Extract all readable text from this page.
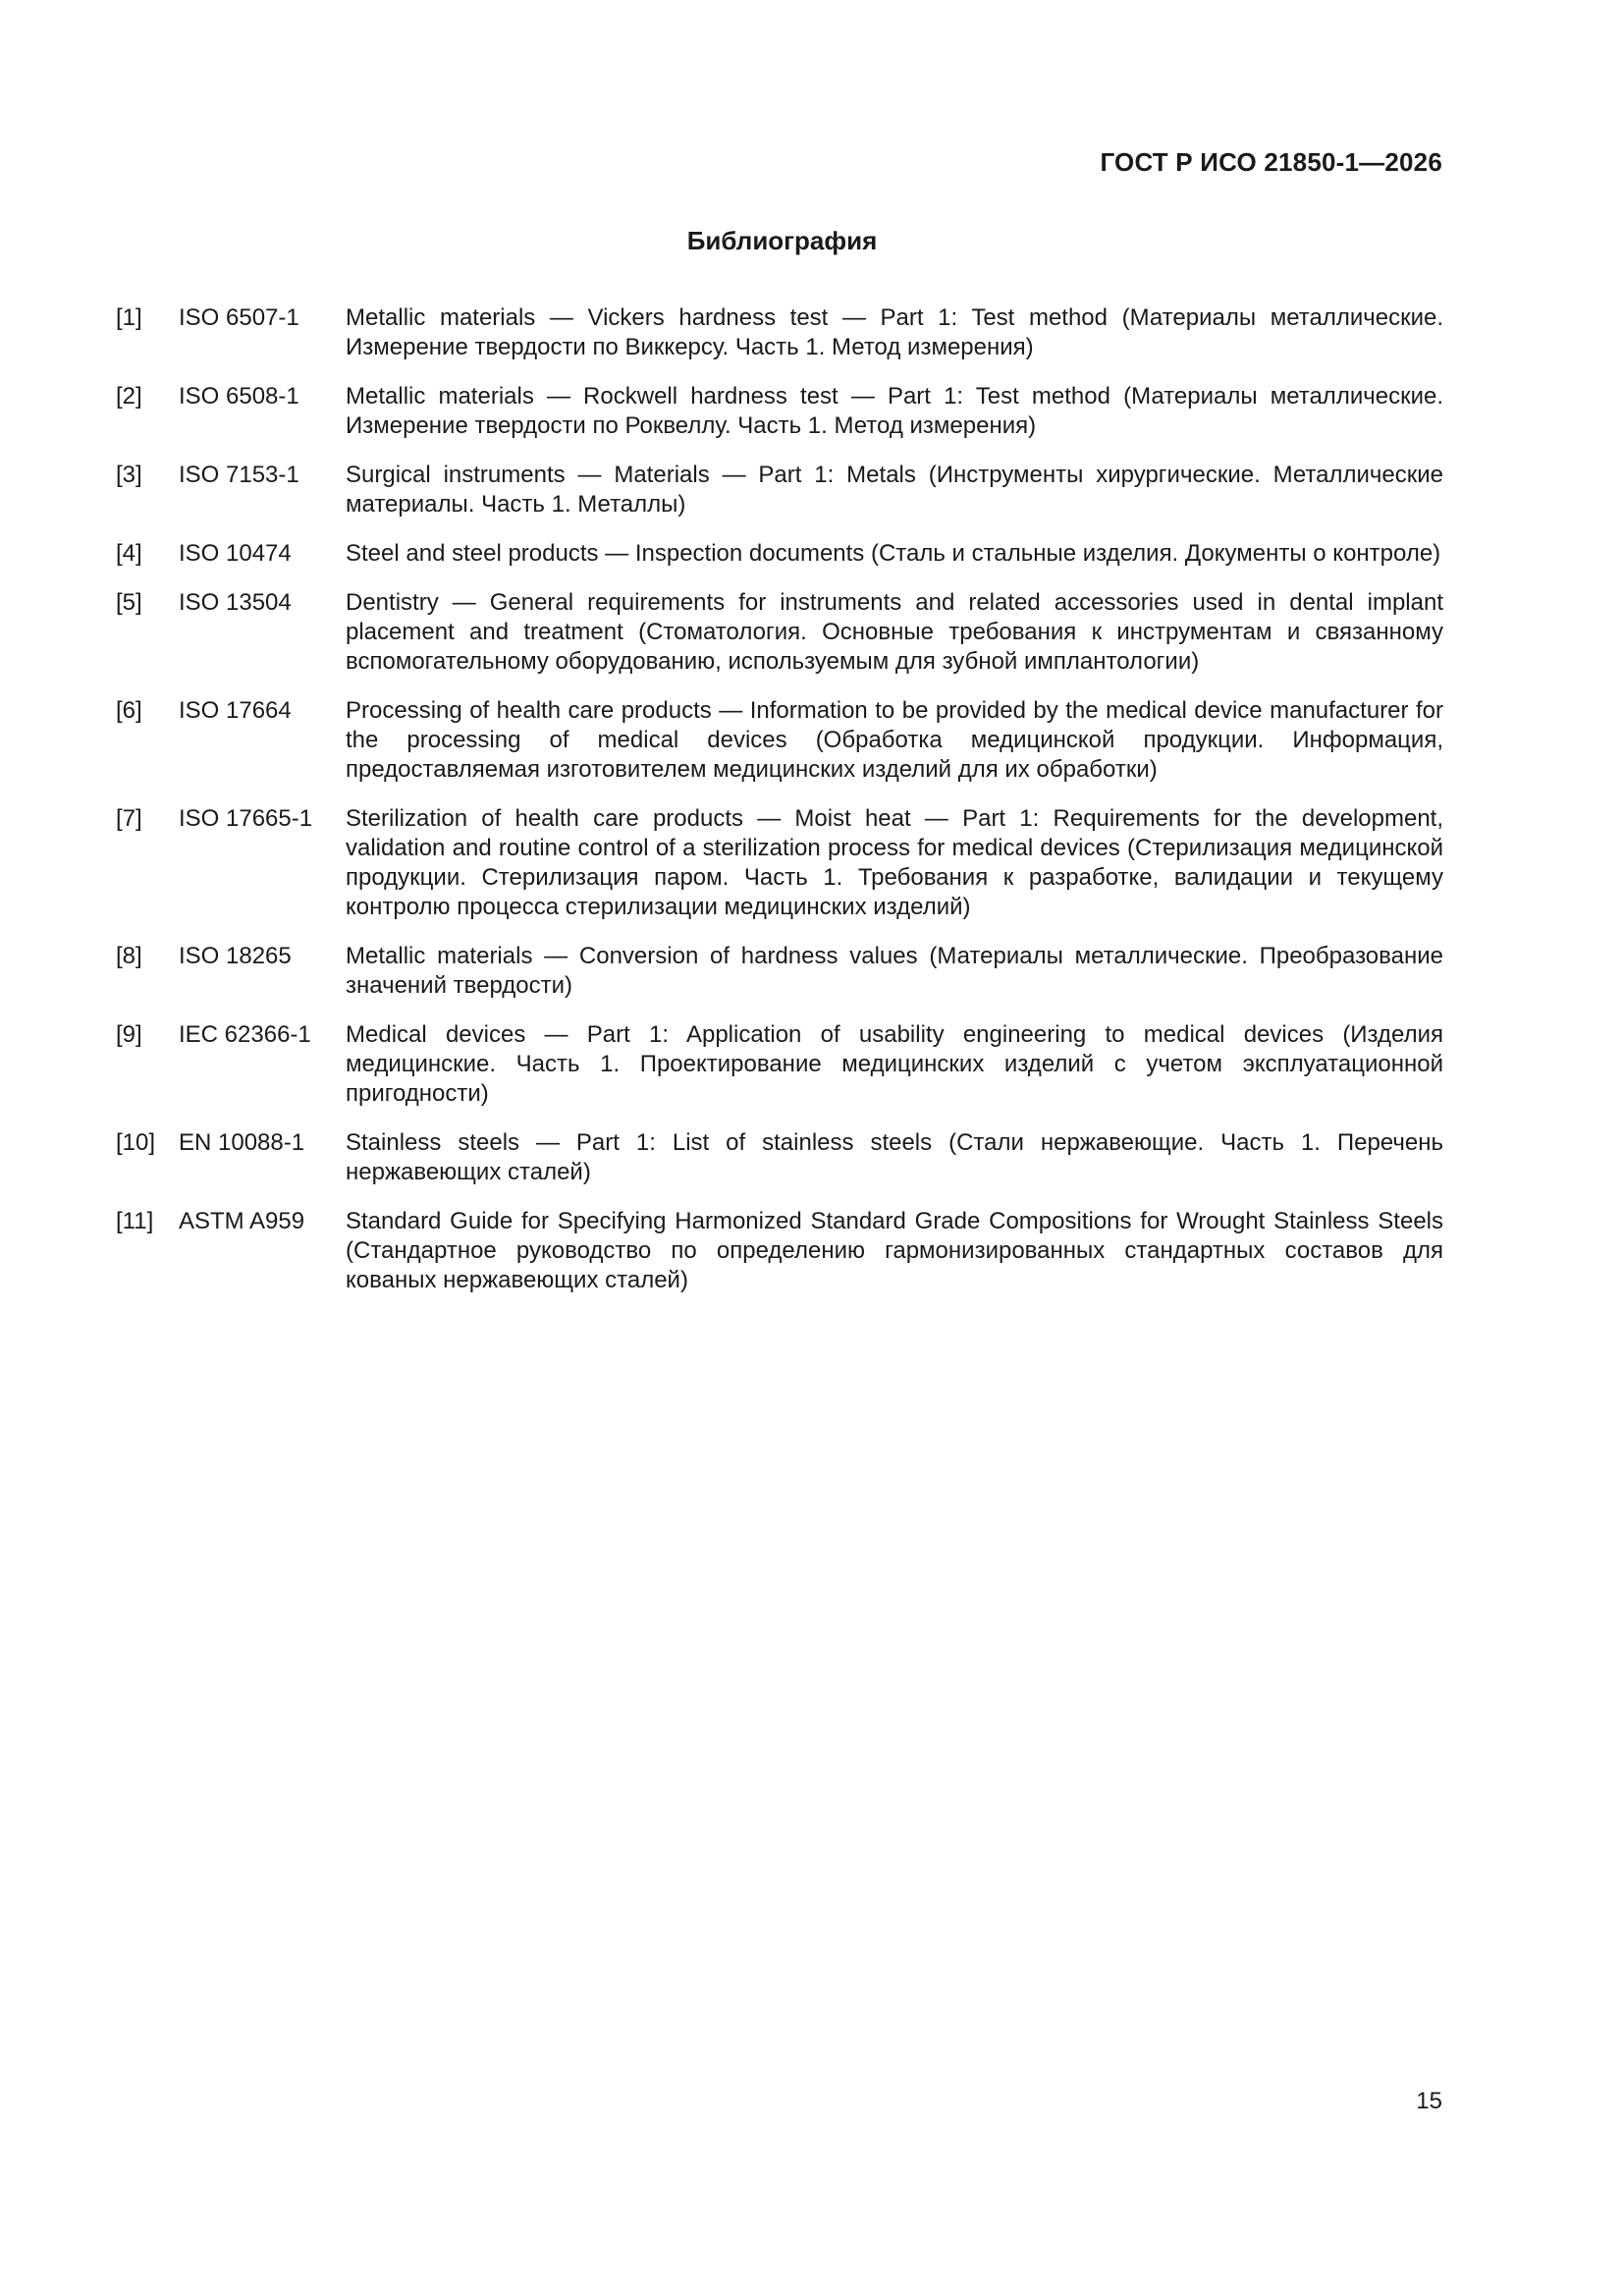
ГОСТ Р ИСО 21850-1—2026
Библиография
[1]	ISO 6507-1	Metallic materials — Vickers hardness test — Part 1: Test method (Материалы металлические. Измерение твердости по Виккерсу. Часть 1. Метод измерения)
[2]	ISO 6508-1	Metallic materials — Rockwell hardness test — Part 1: Test method (Материалы металлические. Измерение твердости по Роквеллу. Часть 1. Метод измерения)
[3]	ISO 7153-1	Surgical instruments — Materials — Part 1: Metals (Инструменты хирургические. Металлические материалы. Часть 1. Металлы)
[4]	ISO 10474	Steel and steel products — Inspection documents (Сталь и стальные изделия. Документы о контроле)
[5]	ISO 13504	Dentistry — General requirements for instruments and related accessories used in dental implant placement and treatment (Стоматология. Основные требования к инструментам и связанному вспомогательному оборудованию, используемым для зубной имплантологии)
[6]	ISO 17664	Processing of health care products — Information to be provided by the medical device manufacturer for the processing of medical devices (Обработка медицинской продукции. Информация, предоставляемая изготовителем медицинских изделий для их обработки)
[7]	ISO 17665-1	Sterilization of health care products — Moist heat — Part 1: Requirements for the development, validation and routine control of a sterilization process for medical devices (Стерилизация медицинской продукции. Стерилизация паром. Часть 1. Требования к разработке, валидации и текущему контролю процесса стерилизации медицинских изделий)
[8]	ISO 18265	Metallic materials — Conversion of hardness values (Материалы металлические. Преобразование значений твердости)
[9]	IEC 62366-1	Medical devices — Part 1: Application of usability engineering to medical devices (Изделия медицинские. Часть 1. Проектирование медицинских изделий с учетом эксплуатационной пригодности)
[10] EN 10088-1	Stainless steels — Part 1: List of stainless steels (Стали нержавеющие. Часть 1. Перечень нержавеющих сталей)
[11]	ASTM A959	Standard Guide for Specifying Harmonized Standard Grade Compositions for Wrought Stainless Steels (Стандартное руководство по определению гармонизированных стандартных составов для кованых нержавеющих сталей)
15
